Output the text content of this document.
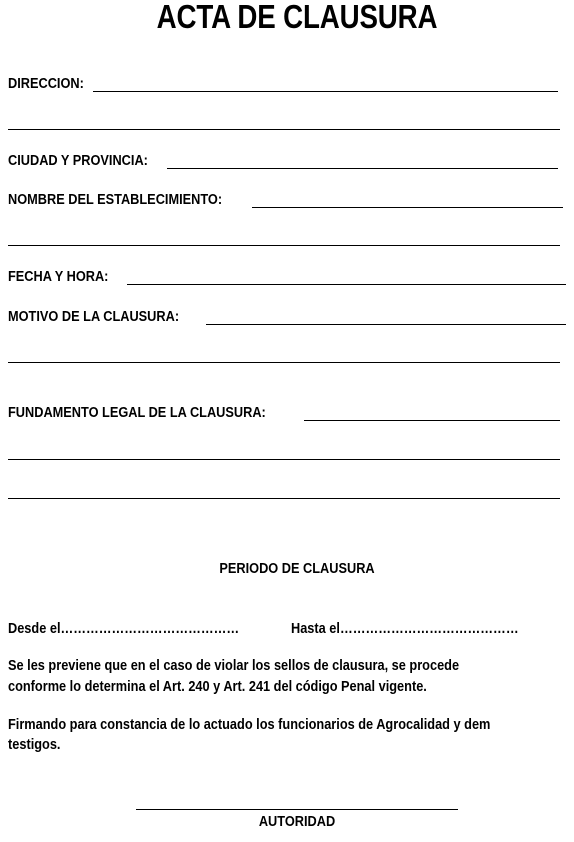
ACTA DE CLAUSURA
DIRECCION:
CIUDAD Y PROVINCIA:
NOMBRE DEL ESTABLECIMIENTO:
FECHA Y HORA:
MOTIVO DE LA CLAUSURA:
FUNDAMENTO LEGAL DE LA CLAUSURA:
PERIODO DE CLAUSURA
Desde el……………………………………	Hasta el……………………………………
Se les previene que en el caso de violar los sellos de clausura, se procede
conforme lo determina el Art. 240 y Art. 241 del código Penal vigente.
Firmando para constancia de lo actuado los funcionarios de Agrocalidad y dem
testigos.
AUTORIDAD
